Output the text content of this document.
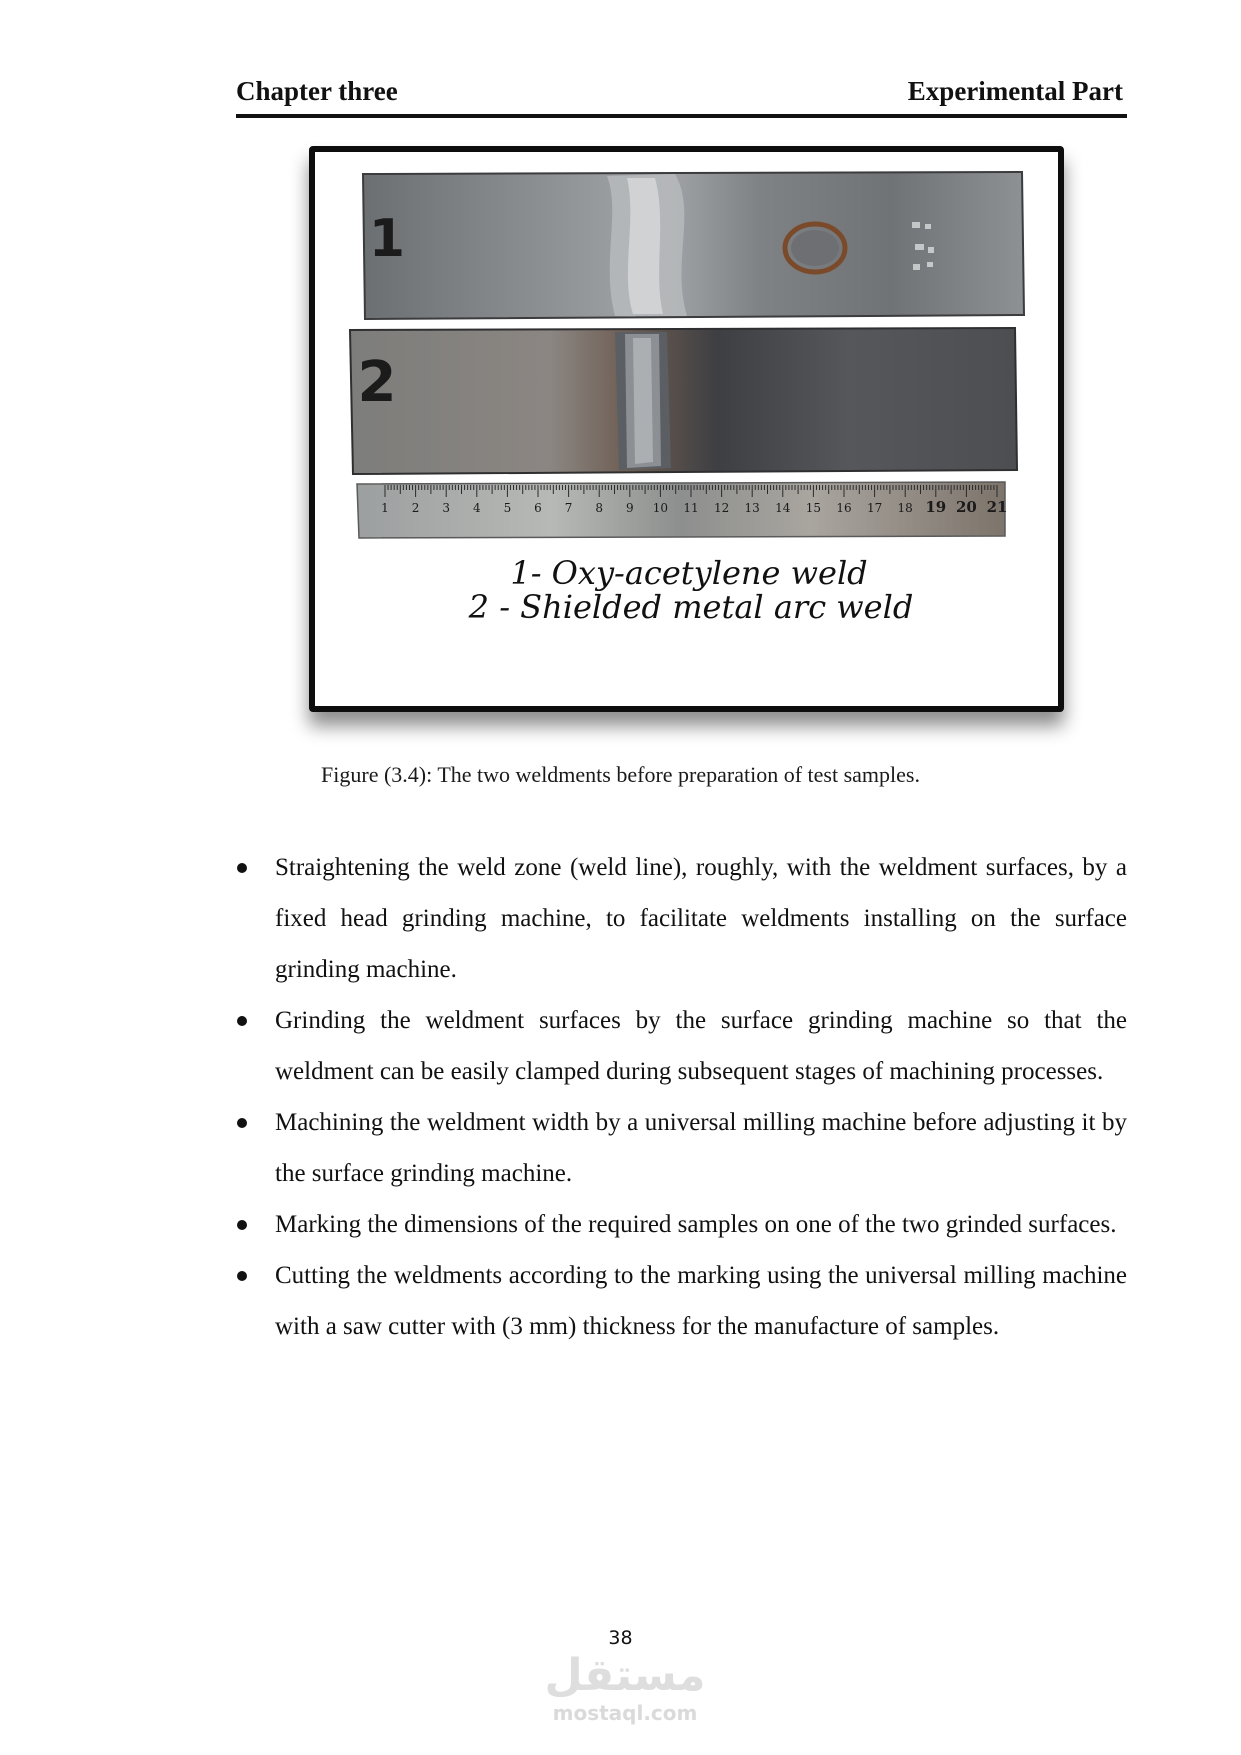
Chapter three	Experimental Part
1
2
1 2 3 4 5 6 7 8 9 10 11 12 13 14 15 16 17 18 19 20 21
1- Oxy-acetylene weld
2 - Shielded metal arc weld
Figure (3.4): The two weldments before preparation of test samples.
Straightening the weld zone (weld line), roughly, with the weldment surfaces, by a fixed head grinding machine, to facilitate weldments installing on the surface grinding machine.
Grinding the weldment surfaces by the surface grinding machine so that the weldment can be easily clamped during subsequent stages of machining processes.
Machining the weldment width by a universal milling machine before adjusting it by the surface grinding machine.
Marking the dimensions of the required samples on one of the two grinded surfaces.
Cutting the weldments according to the marking using the universal milling machine with a saw cutter with (3 mm) thickness for the manufacture of samples.
38
مستقل
mostaql.com
